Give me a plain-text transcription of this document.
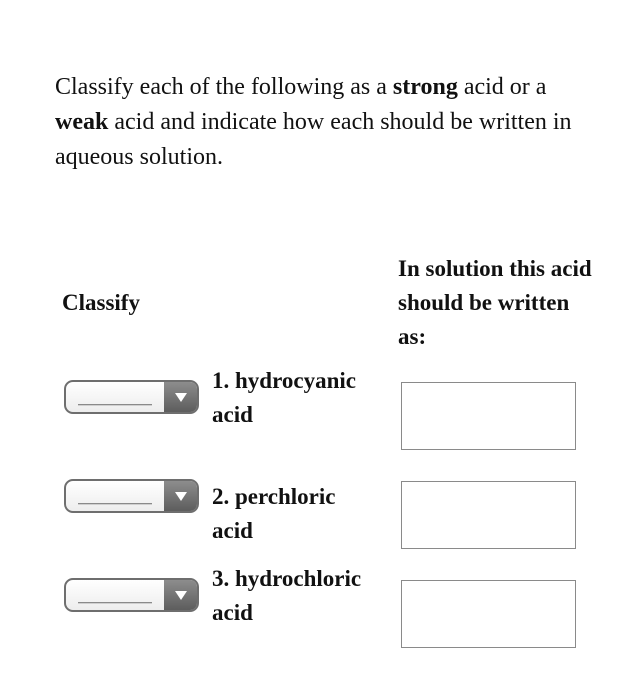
Classify each of the following as a strong acid or a weak acid and indicate how each should be written in aqueous solution.
Classify
In solution this acid should be written as:
1. hydrocyanic acid
2. perchloric acid
3. hydrochloric acid
